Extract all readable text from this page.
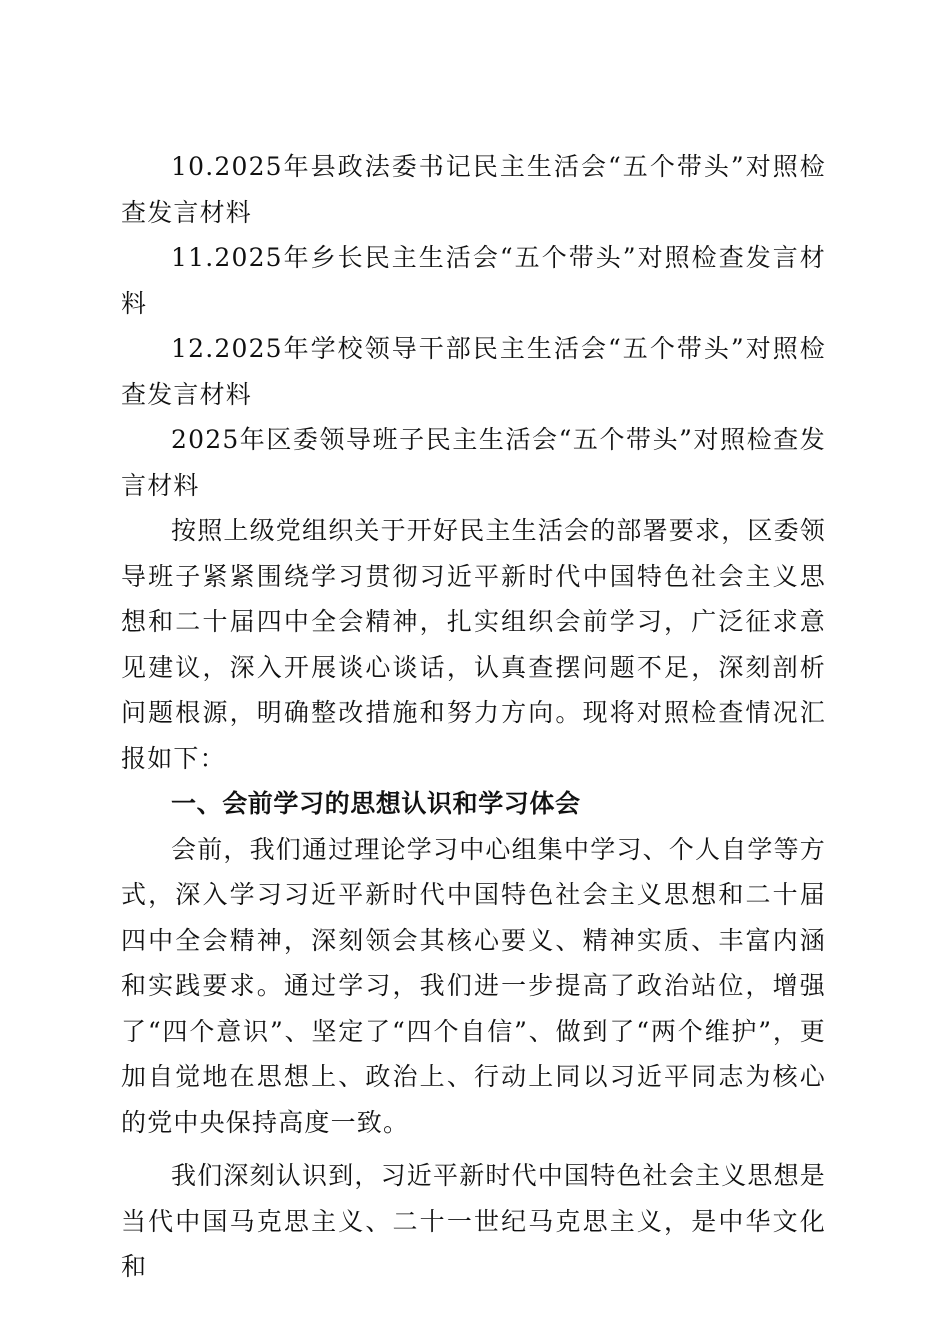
10.2025年县政法委书记民主生活会“五个带头”对照检查发言材料

11.2025年乡长民主生活会“五个带头”对照检查发言材料

12.2025年学校领导干部民主生活会“五个带头”对照检查发言材料

2025年区委领导班子民主生活会“五个带头”对照检查发言材料

按照上级党组织关于开好民主生活会的部署要求，区委领导班子紧紧围绕学习贯彻习近平新时代中国特色社会主义思想和二十届四中全会精神，扎实组织会前学习，广泛征求意见建议，深入开展谈心谈话，认真查摆问题不足，深刻剖析问题根源，明确整改措施和努力方向。现将对照检查情况汇报如下：

一、会前学习的思想认识和学习体会

会前，我们通过理论学习中心组集中学习、个人自学等方式，深入学习习近平新时代中国特色社会主义思想和二十届四中全会精神，深刻领会其核心要义、精神实质、丰富内涵和实践要求。通过学习，我们进一步提高了政治站位，增强了“四个意识”、坚定了“四个自信”、做到了“两个维护”，更加自觉地在思想上、政治上、行动上同以习近平同志为核心的党中央保持高度一致。

我们深刻认识到，习近平新时代中国特色社会主义思想是当代中国马克思主义、二十一世纪马克思主义，是中华文化和
